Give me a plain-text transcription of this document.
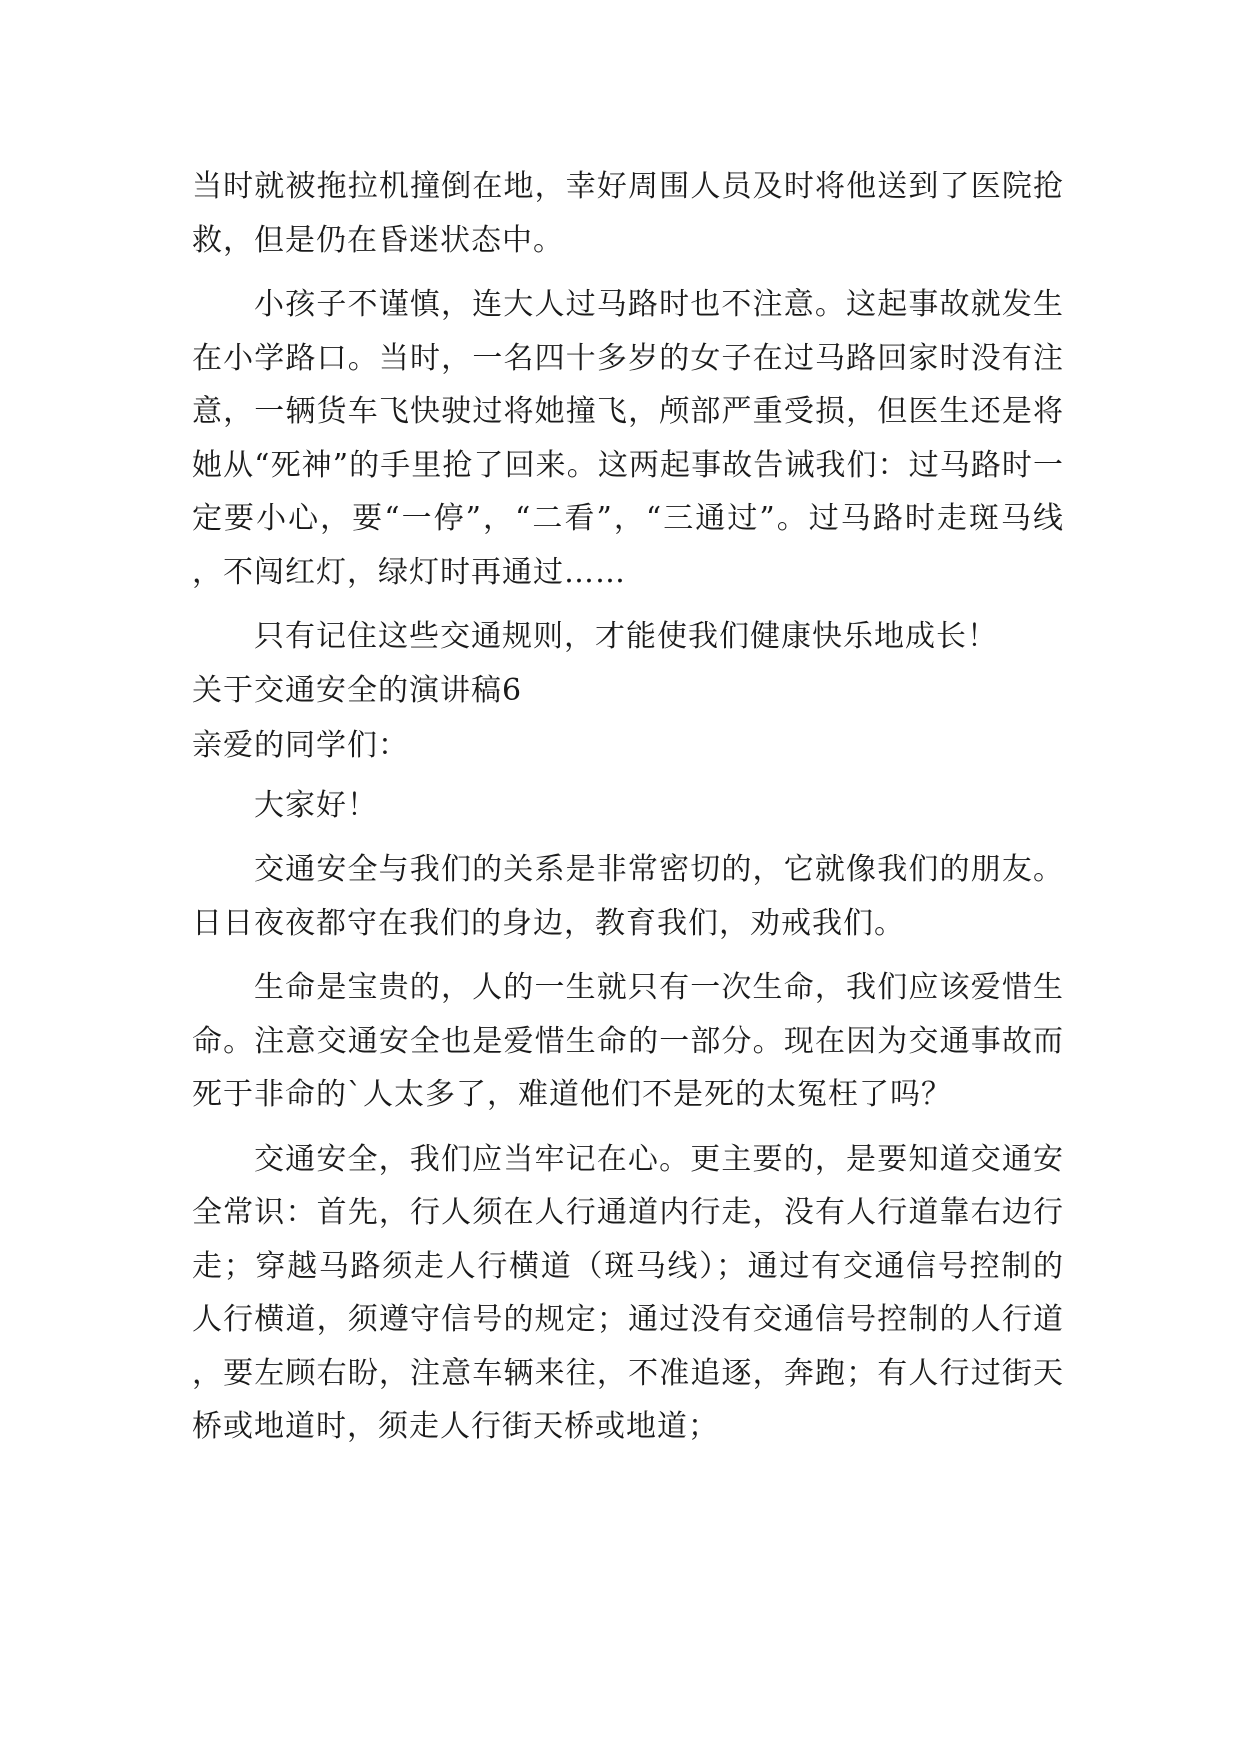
当时就被拖拉机撞倒在地，幸好周围人员及时将他送到了医院抢救，但是仍在昏迷状态中。

小孩子不谨慎，连大人过马路时也不注意。这起事故就发生在小学路口。当时，一名四十多岁的女子在过马路回家时没有注意，一辆货车飞快驶过将她撞飞，颅部严重受损，但医生还是将她从“死神”的手里抢了回来。这两起事故告诫我们：过马路时一定要小心，要“一停”，“二看”，“三通过”。过马路时走斑马线，不闯红灯，绿灯时再通过……

只有记住这些交通规则，才能使我们健康快乐地成长！

关于交通安全的演讲稿6

亲爱的同学们：

大家好！

交通安全与我们的关系是非常密切的，它就像我们的朋友。日日夜夜都守在我们的身边，教育我们，劝戒我们。

生命是宝贵的，人的一生就只有一次生命，我们应该爱惜生命。注意交通安全也是爱惜生命的一部分。现在因为交通事故而死于非命的`人太多了，难道他们不是死的太冤枉了吗？

交通安全，我们应当牢记在心。更主要的，是要知道交通安全常识：首先，行人须在人行通道内行走，没有人行道靠右边行走；穿越马路须走人行横道（斑马线）；通过有交通信号控制的人行横道，须遵守信号的规定；通过没有交通信号控制的人行道，要左顾右盼，注意车辆来往，不准追逐，奔跑；有人行过街天桥或地道时，须走人行街天桥或地道；
